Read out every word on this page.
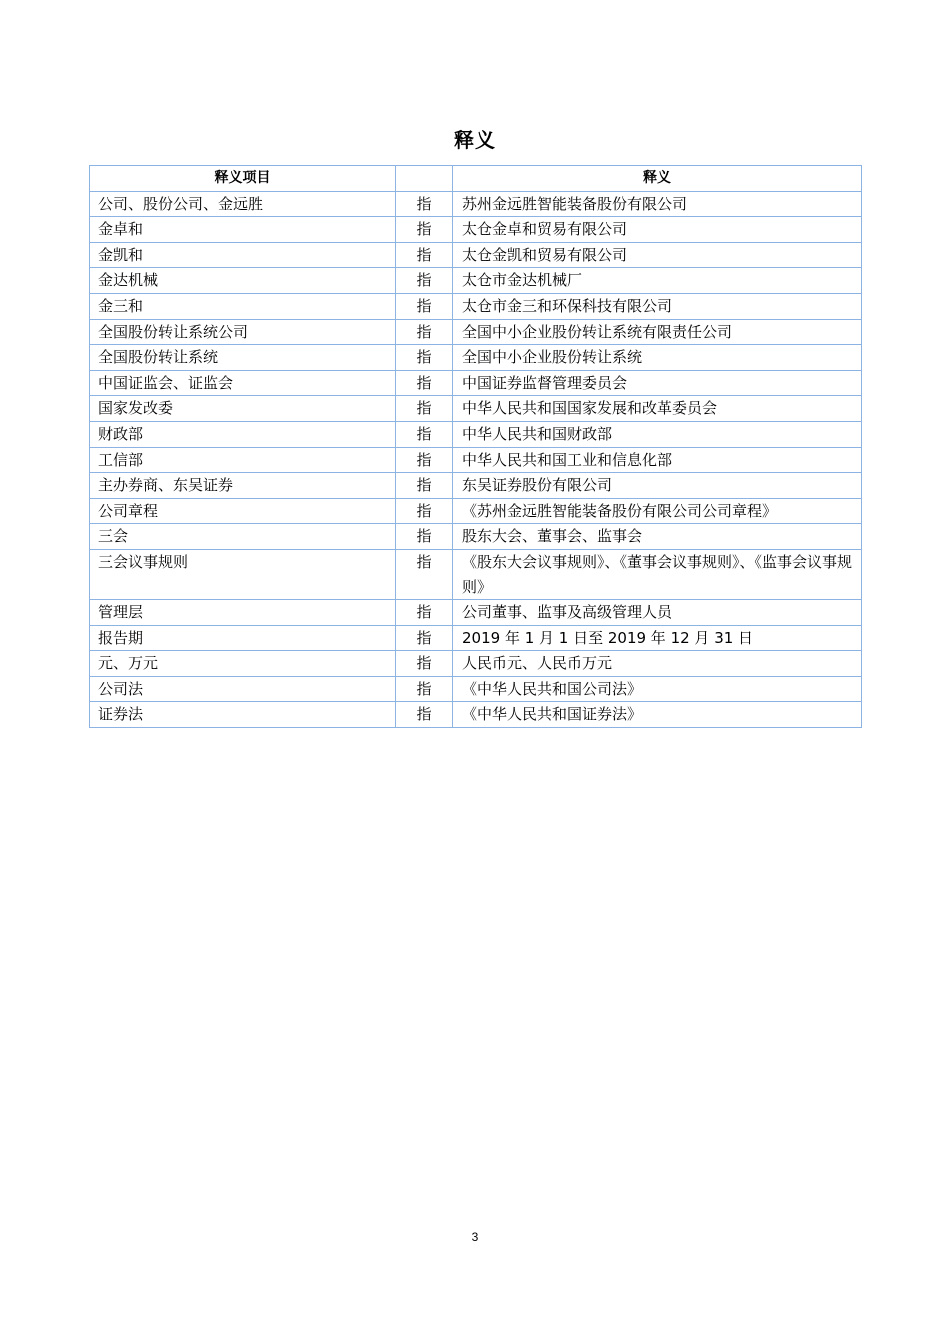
释义
释义项目		释义
公司、股份公司、金远胜	指	苏州金远胜智能装备股份有限公司
金卓和	指	太仓金卓和贸易有限公司
金凯和	指	太仓金凯和贸易有限公司
金达机械	指	太仓市金达机械厂
金三和	指	太仓市金三和环保科技有限公司
全国股份转让系统公司	指	全国中小企业股份转让系统有限责任公司
全国股份转让系统	指	全国中小企业股份转让系统
中国证监会、证监会	指	中国证券监督管理委员会
国家发改委	指	中华人民共和国国家发展和改革委员会
财政部	指	中华人民共和国财政部
工信部	指	中华人民共和国工业和信息化部
主办券商、东吴证券	指	东吴证券股份有限公司
公司章程	指	《苏州金远胜智能装备股份有限公司公司章程》
三会	指	股东大会、董事会、监事会
三会议事规则	指	《股东大会议事规则》、《董事会议事规则》、《监事会议事规则》
管理层	指	公司董事、监事及高级管理人员
报告期	指	2019 年 1 月 1 日至 2019 年 12 月 31 日
元、万元	指	人民币元、人民币万元
公司法	指	《中华人民共和国公司法》
证券法	指	《中华人民共和国证券法》
3
